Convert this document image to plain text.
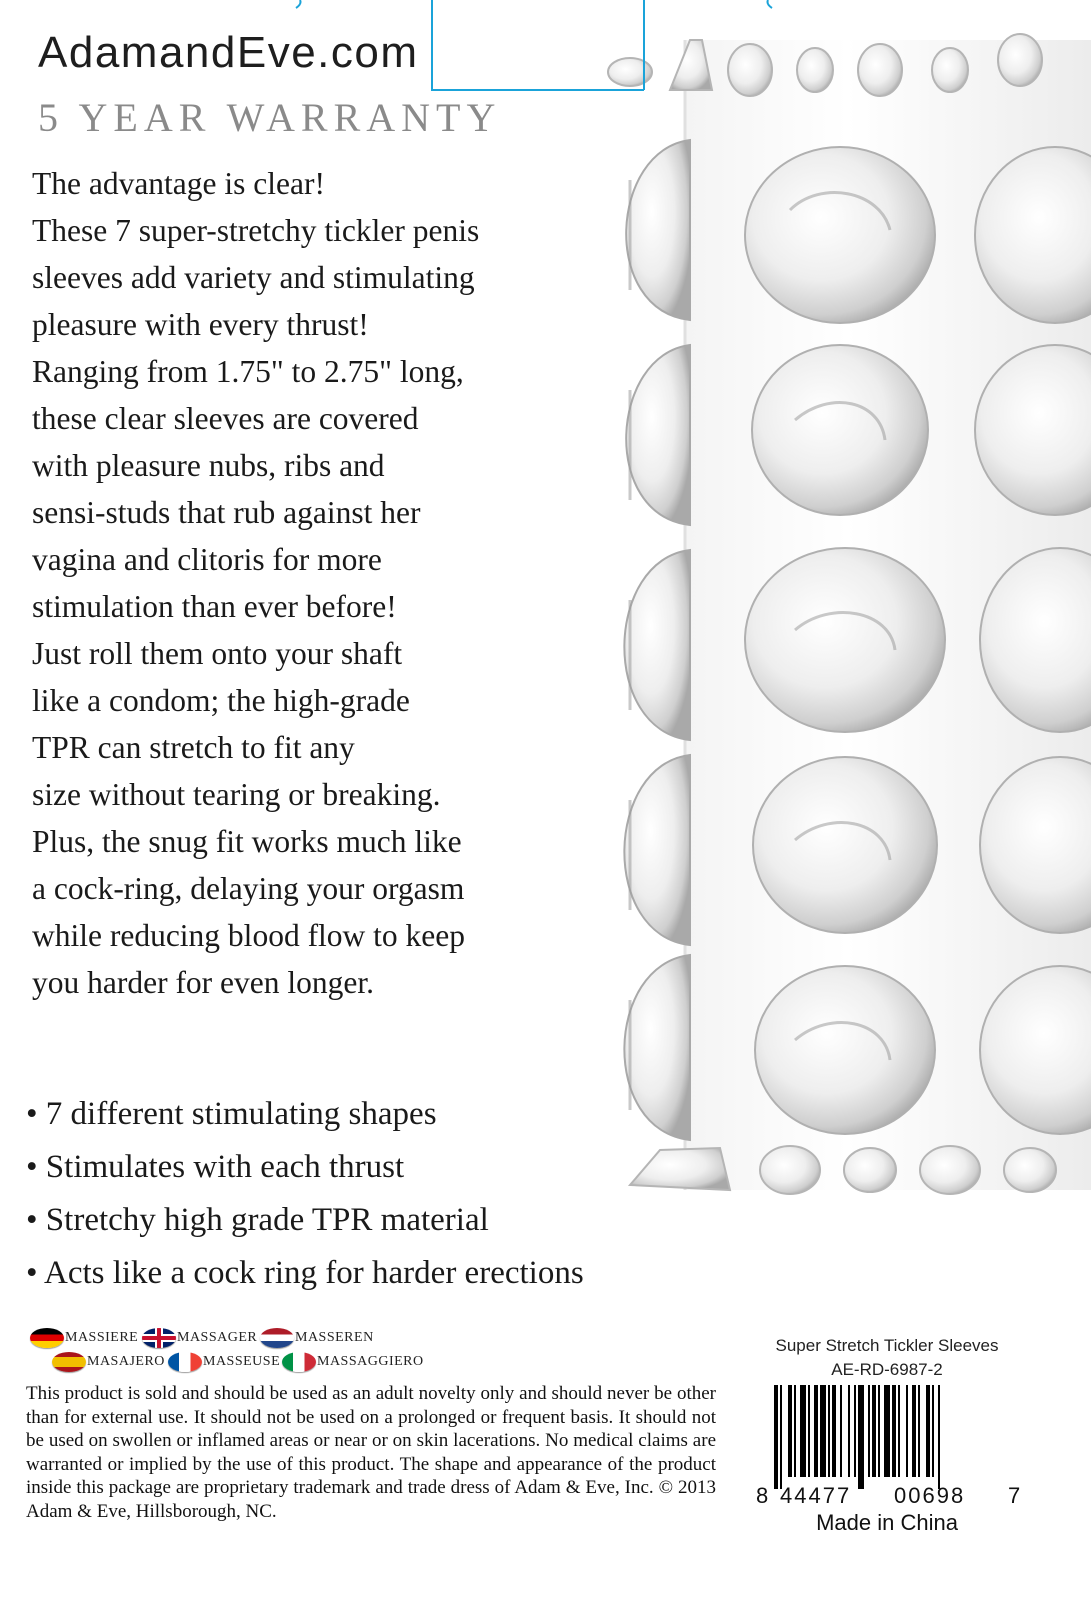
AdamandEve.com
5 YEAR WARRANTY
The advantage is clear!
These 7 super-stretchy tickler penis
sleeves add variety and stimulating
pleasure with every thrust!
Ranging from 1.75" to 2.75" long,
these clear sleeves are covered
with pleasure nubs, ribs and
sensi-studs that rub against her
vagina and clitoris for more
stimulation than ever before!
Just roll them onto your shaft
like a condom; the high-grade
TPR can stretch to fit any
size without tearing or breaking.
Plus, the snug fit works much like
a cock-ring, delaying your orgasm
while reducing blood flow to keep
you harder for even longer.
• 7 different stimulating shapes
• Stimulates with each thrust
• Stretchy high grade TPR material
• Acts like a cock ring for harder erections
MASSIERE	MASSAGER	MASSEREN
MASAJERO	MASSEUSE	MASSAGGIERO
This product is sold and should be used as an adult novelty only and should never be other than for external use. It should not be used on a prolonged or frequent basis. It should not be used on swollen or inflamed areas or near or on skin lacerations. No medical claims are warranted or implied by the use of this product. The shape and appearance of the product inside this package are proprietary trademark and trade dress of Adam & Eve, Inc. © 2013 Adam & Eve, Hillsborough, NC.
Super Stretch Tickler Sleeves
AE-RD-6987-2
8 44477 00698 7
Made in China
